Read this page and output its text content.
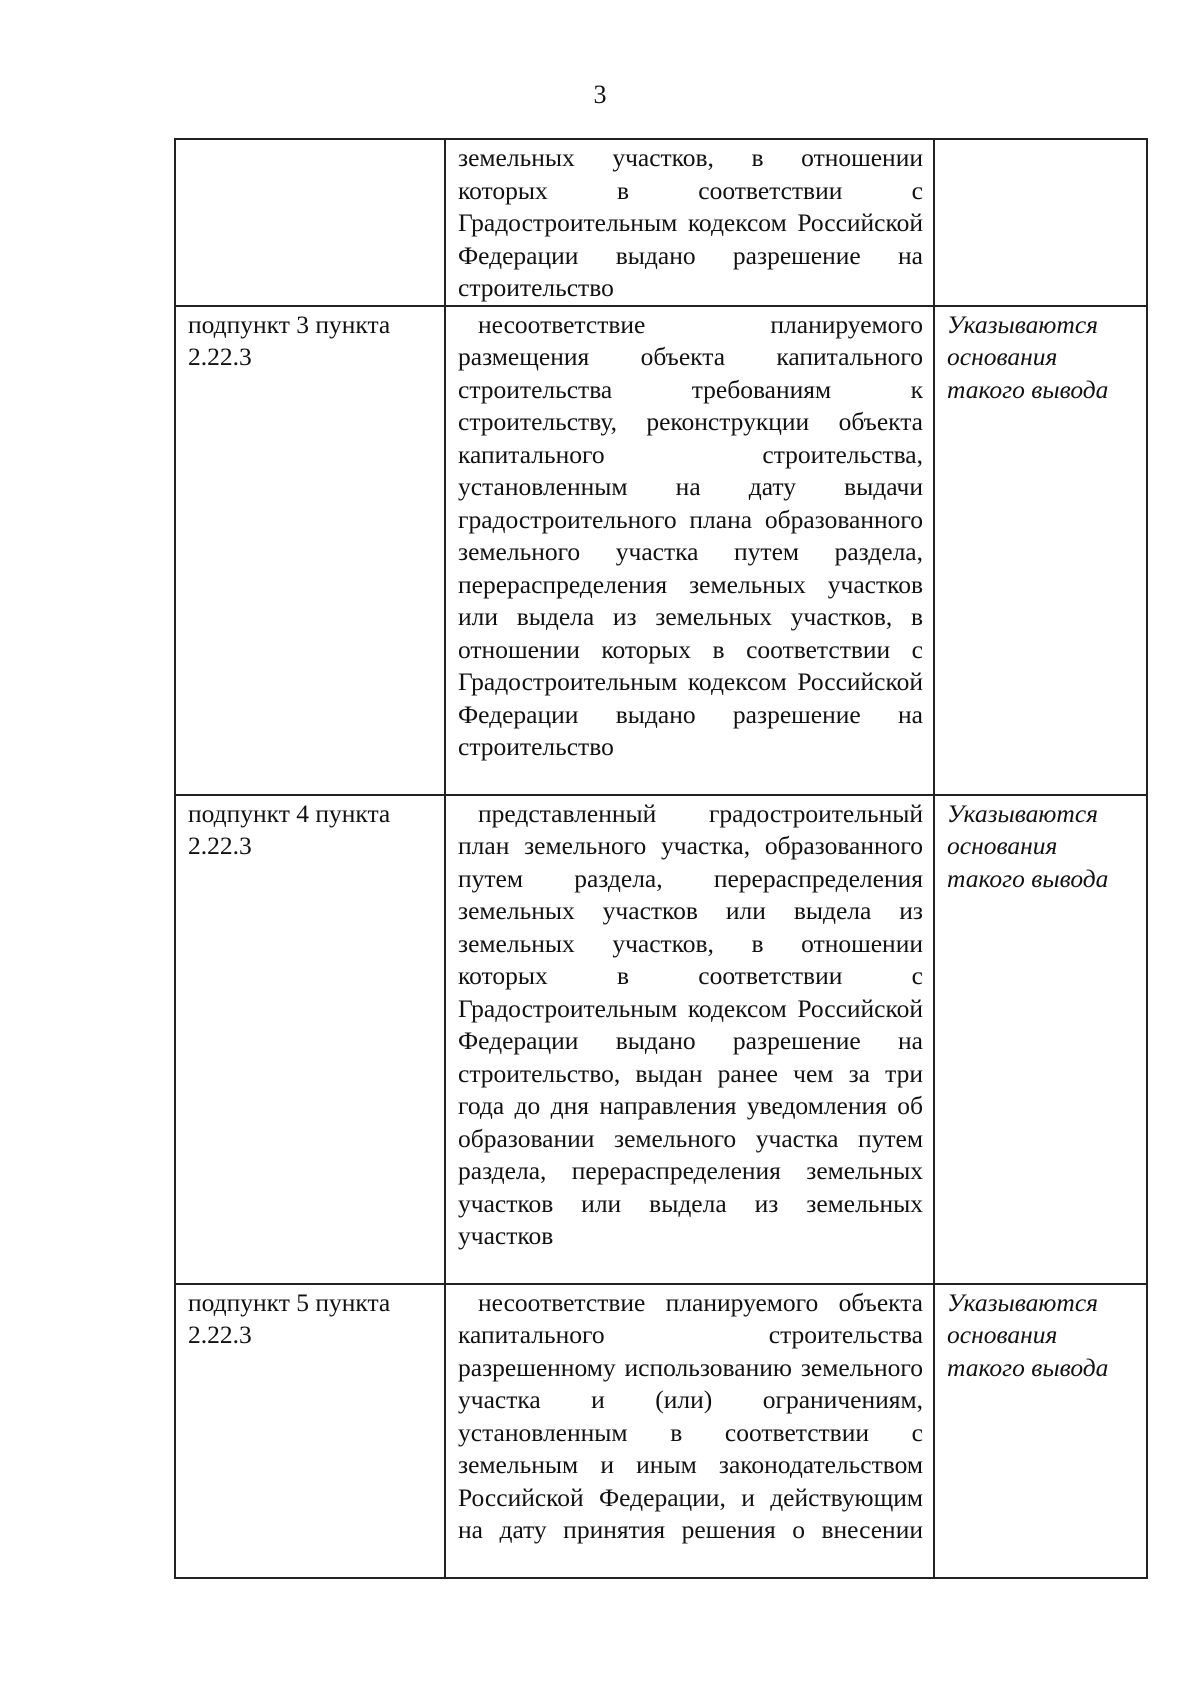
3
	земельных участков, в отношении которых в соответствии с Градостроительным кодексом Российской Федерации выдано разрешение на строительство	
подпункт 3 пункта 2.22.3	несоответствие планируемого размещения объекта капитального строительства требованиям к строительству, реконструкции объекта капитального строительства, установленным на дату выдачи градостроительного плана образованного земельного участка путем раздела, перераспределения земельных участков или выдела из земельных участков, в отношении которых в соответствии с Градостроительным кодексом Российской Федерации выдано разрешение на строительство	Указываются основания такого вывода
подпункт 4 пункта 2.22.3	представленный градостроительный план земельного участка, образованного путем раздела, перераспределения земельных участков или выдела из земельных участков, в отношении которых в соответствии с Градостроительным кодексом Российской Федерации выдано разрешение на строительство, выдан ранее чем за три года до дня направления уведомления об образовании земельного участка путем раздела, перераспределения земельных участков или выдела из земельных участков	Указываются основания такого вывода
подпункт 5 пункта 2.22.3	несоответствие планируемого объекта капитального строительства разрешенному использованию земельного участка и (или) ограничениям, установленным в соответствии с земельным и иным законодательством Российской Федерации, и действующим на дату принятия решения о внесении	Указываются основания такого вывода
